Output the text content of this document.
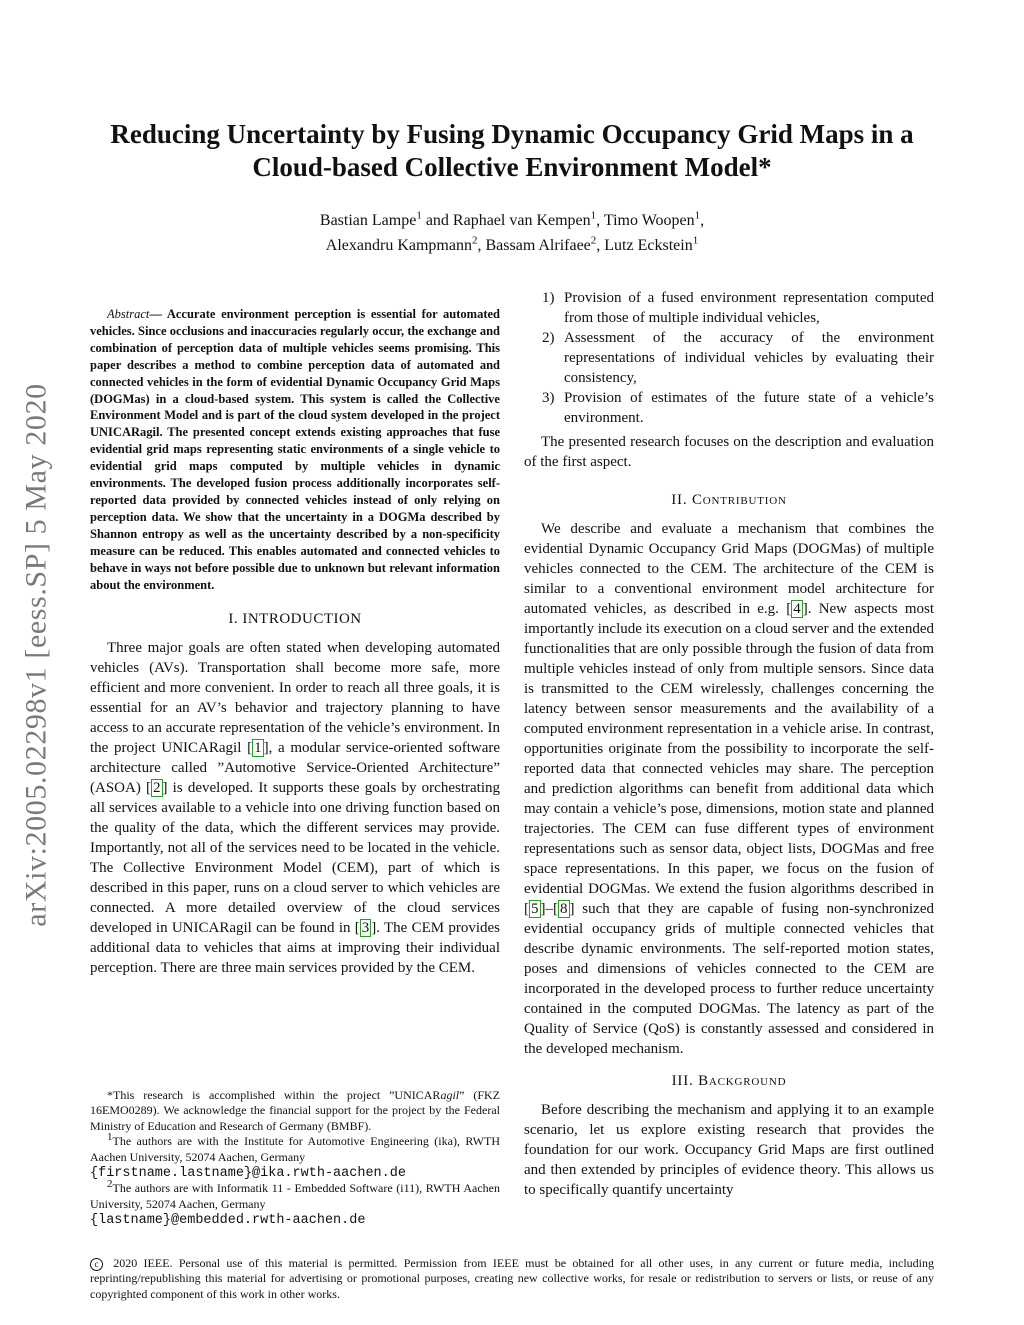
arXiv:2005.02298v1 [eess.SP] 5 May 2020
Reducing Uncertainty by Fusing Dynamic Occupancy Grid Maps in a
Cloud-based Collective Environment Model*
Bastian Lampe$^1$ and Raphael van Kempen$^1$, Timo Woopen$^1$,
Alexandru Kampmann$^2$, Bassam Alrifaee$^2$, Lutz Eckstein$^1$

Abstract— Accurate environment perception is essential for automated vehicles. Since occlusions and inaccuracies regularly occur, the exchange and combination of perception data of multiple vehicles seems promising. This paper describes a method to combine perception data of automated and connected vehicles in the form of evidential Dynamic Occupancy Grid Maps (DOGMas) in a cloud-based system. This system is called the Collective Environment Model and is part of the cloud system developed in the project UNICARagil. The presented concept extends existing approaches that fuse evidential grid maps representing static environments of a single vehicle to evidential grid maps computed by multiple vehicles in dynamic environments. The developed fusion process additionally incorporates self-reported data provided by connected vehicles instead of only relying on perception data. We show that the uncertainty in a DOGMa described by Shannon entropy as well as the uncertainty described by a non-specificity measure can be reduced. This enables automated and connected vehicles to behave in ways not before possible due to unknown but relevant information about the environment.

I. INTRODUCTION

Three major goals are often stated when developing automated vehicles (AVs). Transportation shall become more safe, more efficient and more convenient. In order to reach all three goals, it is essential for an AV’s behavior and trajectory planning to have access to an accurate representation of the vehicle’s environment. In the project UNICARagil [ 1 ], a modular service-oriented software architecture called ”Automotive Service-Oriented Architecture” (ASOA) [ 2 ] is developed. It supports these goals by orchestrating all services available to a vehicle into one driving function based on the quality of the data, which the different services may provide. Importantly, not all of the services need to be located in the vehicle. The Collective Environment Model (CEM), part of which is described in this paper, runs on a cloud server to which vehicles are connected. A more detailed overview of the cloud services developed in UNICARagil can be found in [ 3 ]. The CEM provides additional data to vehicles that aims at improving their individual perception. There are three main services provided by the CEM.

*This research is accomplished within the project ”UNICARagil” (FKZ 16EMO0289). We acknowledge the financial support for the project by the Federal Ministry of Education and Research of Germany (BMBF).

$^1$The authors are with the Institute for Automotive Engineering (ika), RWTH Aachen University, 52074 Aachen, Germany
{firstname.lastname}@ika.rwth-aachen.de

$^2$The authors are with Informatik 11 - Embedded Software (i11), RWTH Aachen University, 52074 Aachen, Germany
{lastname}@embedded.rwth-aachen.de

1) Provision of a fused environment representation computed from those of multiple individual vehicles,
2) Assessment of the accuracy of the environment representations of individual vehicles by evaluating their consistency,
3) Provision of estimates of the future state of a vehicle’s environment.

The presented research focuses on the description and evaluation of the first aspect.

II. Contribution

We describe and evaluate a mechanism that combines the evidential Dynamic Occupancy Grid Maps (DOGMas) of multiple vehicles connected to the CEM. The architecture of the CEM is similar to a conventional environment model architecture for automated vehicles, as described in e.g. [ 4 ]. New aspects most importantly include its execution on a cloud server and the extended functionalities that are only possible through the fusion of data from multiple vehicles instead of only from multiple sensors. Since data is transmitted to the CEM wirelessly, challenges concerning the latency between sensor measurements and the availability of a computed environment representation in a vehicle arise. In contrast, opportunities originate from the possibility to incorporate the self-reported data that connected vehicles may share. The perception and prediction algorithms can benefit from additional data which may contain a vehicle’s pose, dimensions, motion state and planned trajectories. The CEM can fuse different types of environment representations such as sensor data, object lists, DOGMas and free space representations. In this paper, we focus on the fusion of evidential DOGMas. We extend the fusion algorithms described in [ 5 ]–[ 8 ] such that they are capable of fusing non-synchronized evidential occupancy grids of multiple connected vehicles that describe dynamic environments. The self-reported motion states, poses and dimensions of vehicles connected to the CEM are incorporated in the developed process to further reduce uncertainty contained in the computed DOGMas. The latency as part of the Quality of Service (QoS) is constantly assessed and considered in the developed mechanism.

III. Background

Before describing the mechanism and applying it to an example scenario, let us explore existing research that provides the foundation for our work. Occupancy Grid Maps are first outlined and then extended by principles of evidence theory. This allows us to specifically quantify uncertainty

c 2020 IEEE. Personal use of this material is permitted. Permission from IEEE must be obtained for all other uses, in any current or future media, including reprinting/republishing this material for advertising or promotional purposes, creating new collective works, for resale or redistribution to servers or lists, or reuse of any copyrighted component of this work in other works.
